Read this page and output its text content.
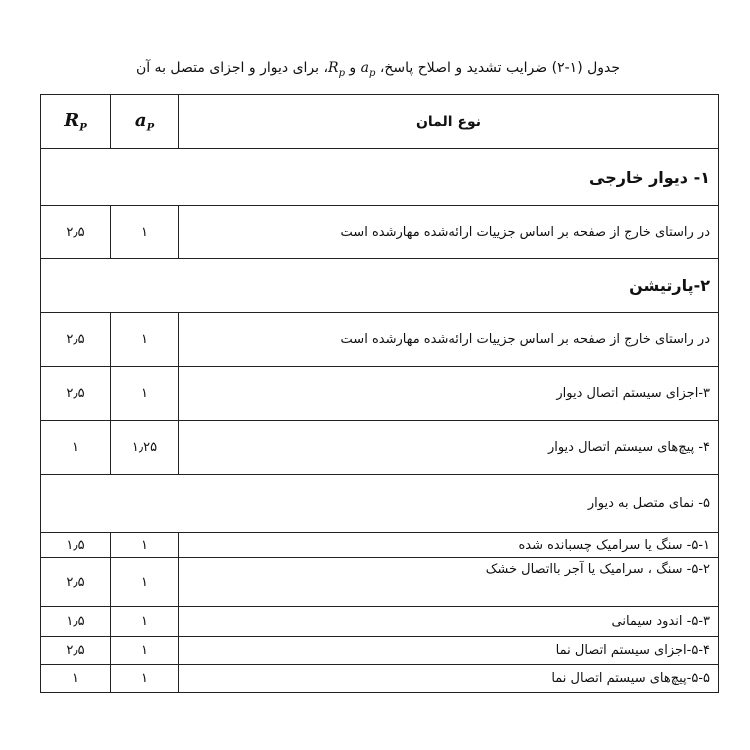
جدول (۱-۲) ضرایب تشدید و اصلاح پاسخ، $a_p$ و $R_p،$ برای دیوار و اجزای متصل به آن
$R_P$	$a_P$	نوع المان
۱- دیوار خارجی		
۲٫۵	۱	در راستای خارج از صفحه بر اساس جزییات ارائه‌شده مهارشده است
۲-پارتیشن		
۲٫۵	۱	در راستای خارج از صفحه بر اساس جزییات ارائه‌شده مهارشده است
۲٫۵	۱	۳-اجزای سیستم اتصال دیوار
۱	۱٫۲۵	۴- پیچ‌های سیستم اتصال دیوار
۵- نمای متصل به دیوار		
۱٫۵	۱	۵-۱- سنگ یا سرامیک چسبانده شده
۲٫۵	۱	۵-۲- سنگ ، سرامیک یا آجر بااتصال خشک
۱٫۵	۱	۵-۳- اندود سیمانی
۲٫۵	۱	۵-۴-اجزای سیستم اتصال نما
۱	۱	۵-۵-پیچ‌های سیستم اتصال نما
